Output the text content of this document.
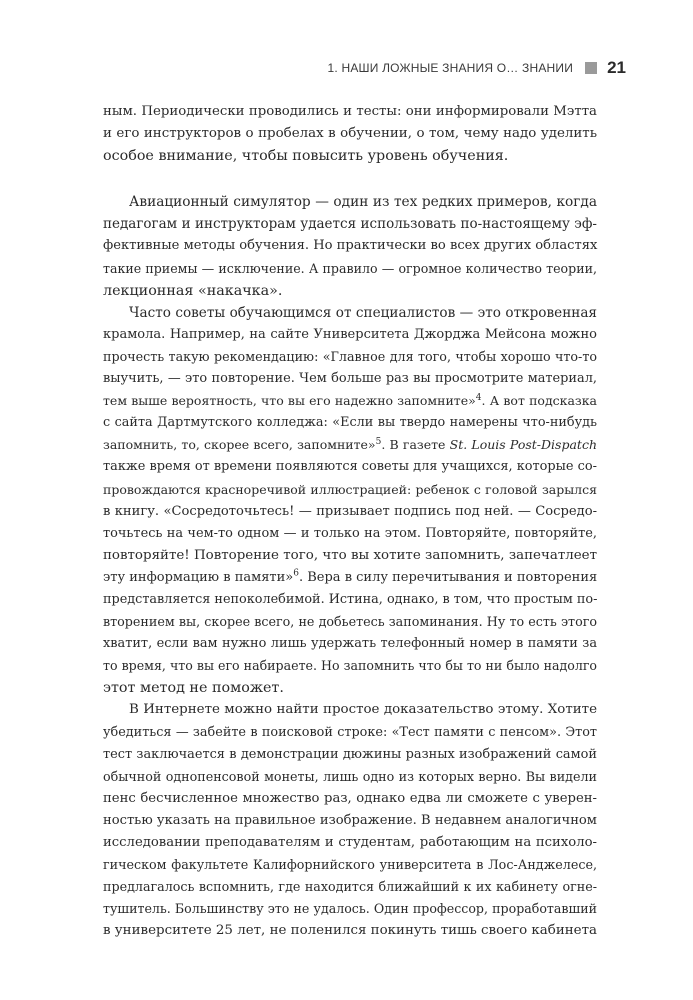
1. НАШИ ЛОЖНЫЕ ЗНАНИЯ О… ЗНАНИИ 21

ным. Периодически проводились и тесты: они информировали Мэтта
и его инструкторов о пробелах в обучении, о том, чему надо уделить
особое внимание, чтобы повысить уровень обучения.

Авиационный симулятор — один из тех редких примеров, когда
педагогам и инструкторам удается использовать по-настоящему эф-
фективные методы обучения. Но практически во всех других областях
такие приемы — исключение. А правило — огромное количество теории,
лекционная «накачка».

Часто советы обучающимся от специалистов — это откровенная
крамола. Например, на сайте Университета Джорджа Мейсона можно
прочесть такую рекомендацию: «Главное для того, чтобы хорошо что-то
выучить, — это повторение. Чем больше раз вы просмотрите материал,
тем выше вероятность, что вы его надежно запомните»$^4$. А вот подсказка
с сайта Дартмутского колледжа: «Если вы твердо намерены что-нибудь
запомнить, то, скорее всего, запомните»$^5$. В газете St. Louis Post-Dispatch
также время от времени появляются советы для учащихся, которые со-
провождаются красноречивой иллюстрацией: ребенок с головой зарылся
в книгу. «Сосредоточьтесь! — призывает подпись под ней. — Сосредо-
точьтесь на чем-то одном — и только на этом. Повторяйте, повторяйте,
повторяйте! Повторение того, что вы хотите запомнить, запечатлеет
эту информацию в памяти»$^6$. Вера в силу перечитывания и повторения
представляется непоколебимой. Истина, однако, в том, что простым по-
вторением вы, скорее всего, не добьетесь запоминания. Ну то есть этого
хватит, если вам нужно лишь удержать телефонный номер в памяти за
то время, что вы его набираете. Но запомнить что бы то ни было надолго
этот метод не поможет.

В Интернете можно найти простое доказательство этому. Хотите
убедиться — забейте в поисковой строке: «Тест памяти с пенсом». Этот
тест заключается в демонстрации дюжины разных изображений самой
обычной однопенсовой монеты, лишь одно из которых верно. Вы видели
пенс бесчисленное множество раз, однако едва ли сможете с уверен-
ностью указать на правильное изображение. В недавнем аналогичном
исследовании преподавателям и студентам, работающим на психоло-
гическом факультете Калифорнийского университета в Лос-Анджелесе,
предлагалось вспомнить, где находится ближайший к их кабинету огне-
тушитель. Большинству это не удалось. Один профессор, проработавший
в университете 25 лет, не поленился покинуть тишь своего кабинета
